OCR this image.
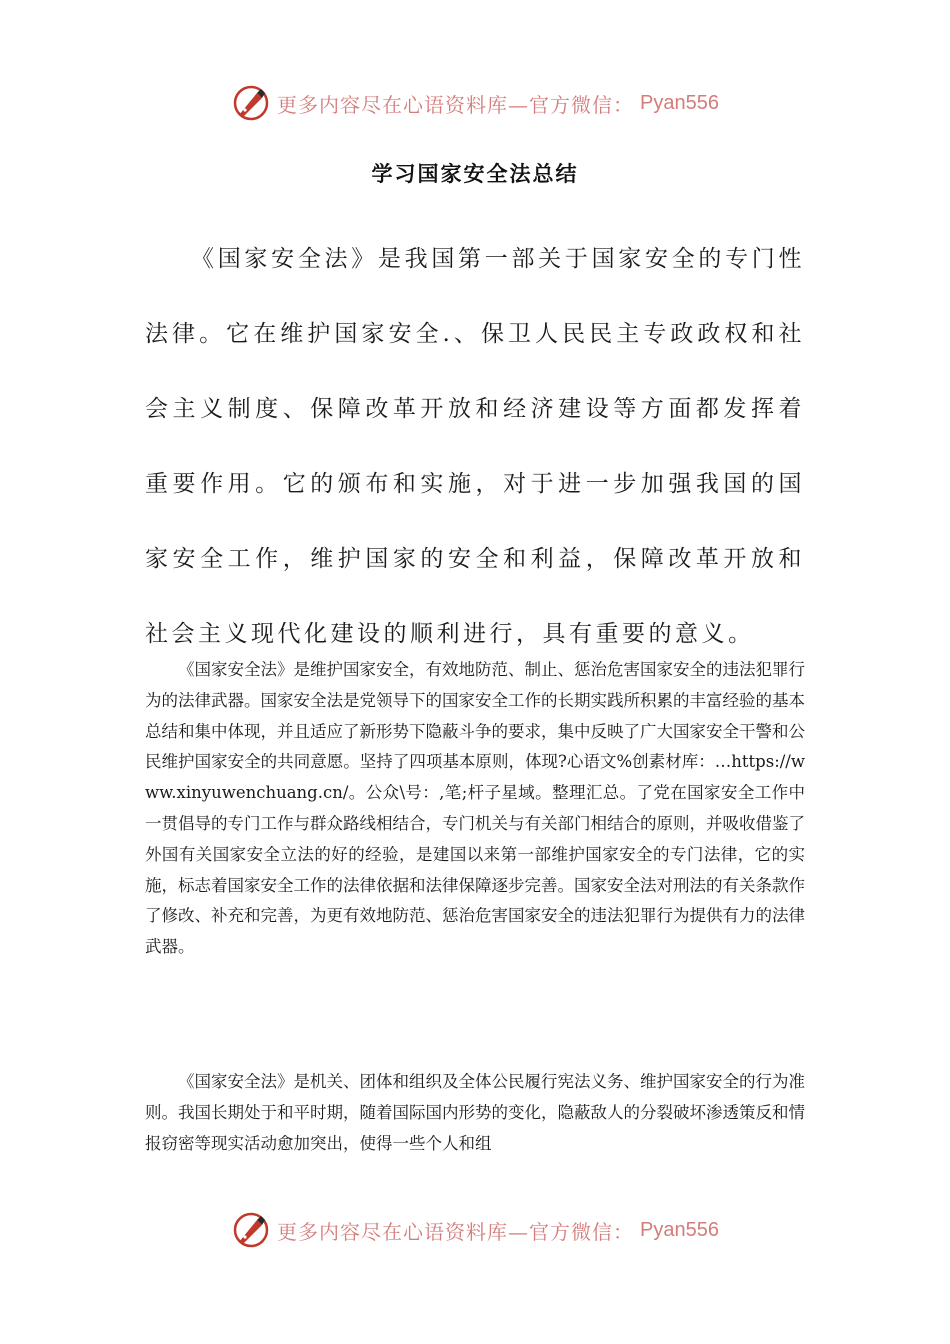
更多内容尽在心语资料库—官方微信： Pyan556
学习国家安全法总结
《国家安全法》是我国第一部关于国家安全的专门性法律。它在维护国家安全.、保卫人民民主专政政权和社会主义制度、保障改革开放和经济建设等方面都发挥着重要作用。它的颁布和实施，对于进一步加强我国的国家安全工作，维护国家的安全和利益，保障改革开放和社会主义现代化建设的顺利进行，具有重要的意义。
《国家安全法》是维护国家安全，有效地防范、制止、惩治危害国家安全的违法犯罪行为的法律武器。国家安全法是党领导下的国家安全工作的长期实践所积累的丰富经验的基本总结和集中体现，并且适应了新形势下隐蔽斗争的要求，集中反映了广大国家安全干警和公民维护国家安全的共同意愿。坚持了四项基本原则，体现?心语文%创素材库：…https://www.xinyuwenchuang.cn/。公众\号：,笔;杆子星域。整理汇总。了党在国家安全工作中一贯倡导的专门工作与群众路线相结合，专门机关与有关部门相结合的原则，并吸收借鉴了外国有关国家安全立法的好的经验，是建国以来第一部维护国家安全的专门法律，它的实施，标志着国家安全工作的法律依据和法律保障逐步完善。国家安全法对刑法的有关条款作了修改、补充和完善，为更有效地防范、惩治危害国家安全的违法犯罪行为提供有力的法律武器。
《国家安全法》是机关、团体和组织及全体公民履行宪法义务、维护国家安全的行为准则。我国长期处于和平时期，随着国际国内形势的变化，隐蔽敌人的分裂破坏渗透策反和情报窃密等现实活动愈加突出，使得一些个人和组
更多内容尽在心语资料库—官方微信： Pyan556
